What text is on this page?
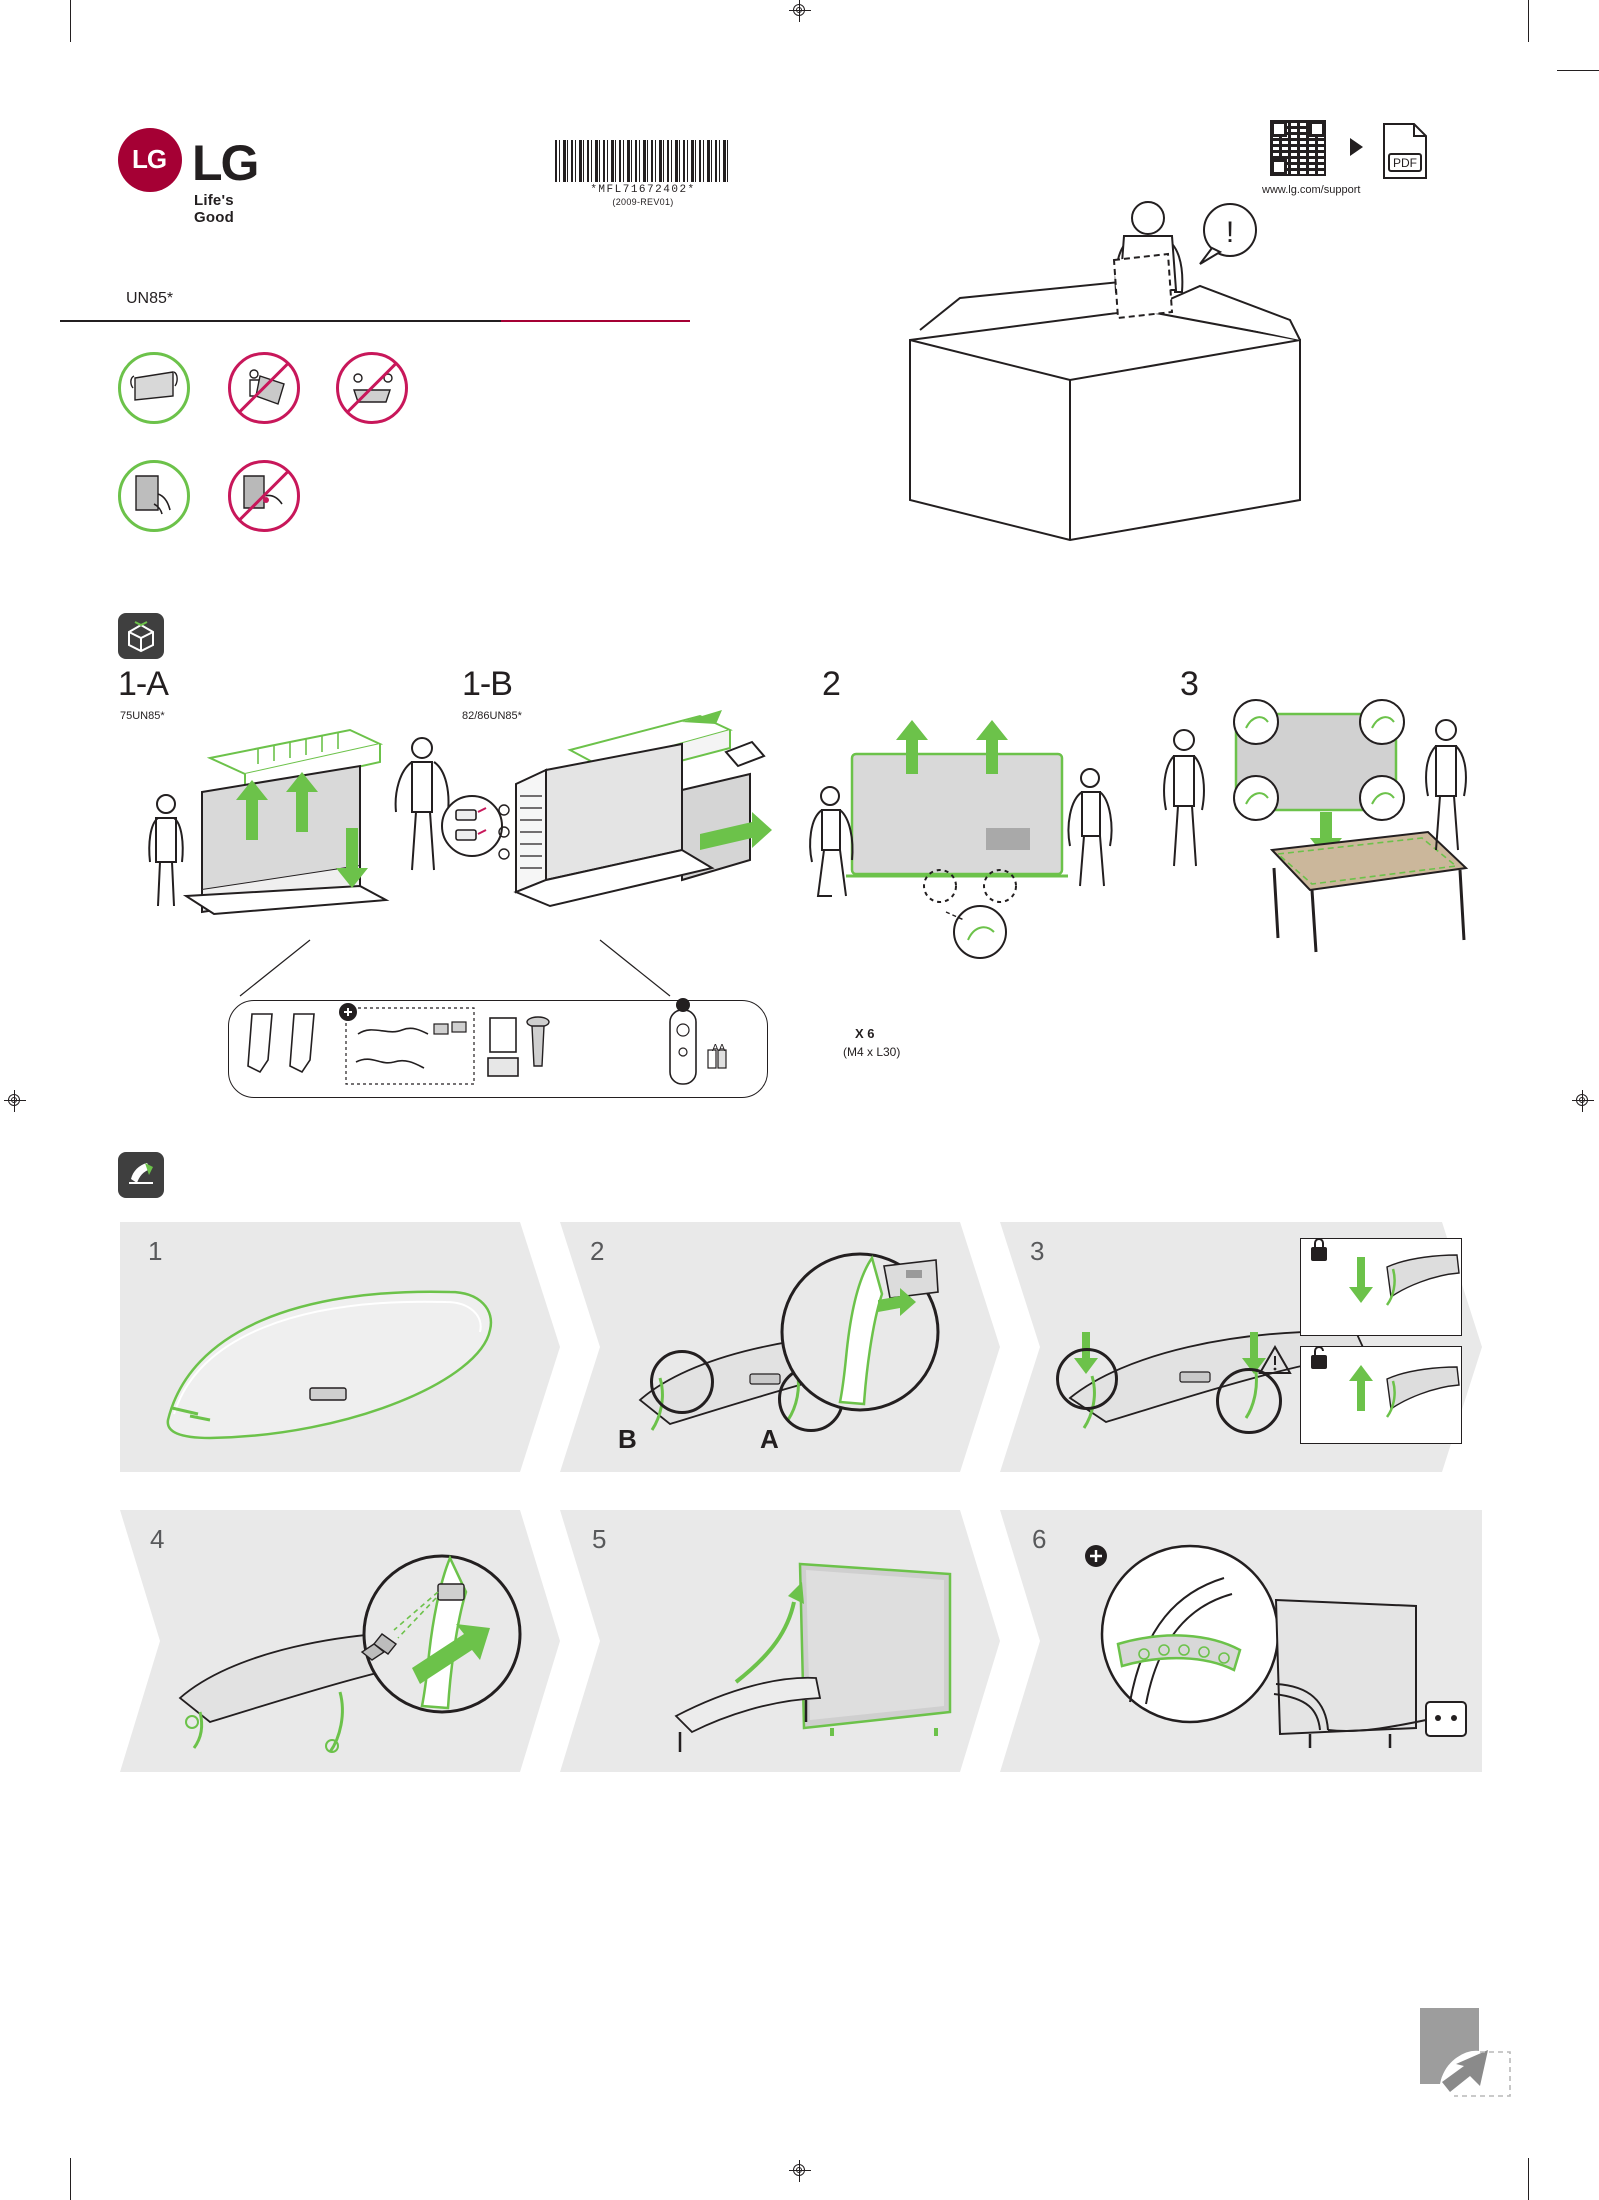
LG LG
Life's Good
*MFL71672402*
(2009-REV01)
www.lg.com/support
PDF
UN85*
!
1-A
75UN85*
1-B
82/86UN85*
2	3
X 6
(M4 x L30)
AA
1	2	3
B	A
4	5	6
